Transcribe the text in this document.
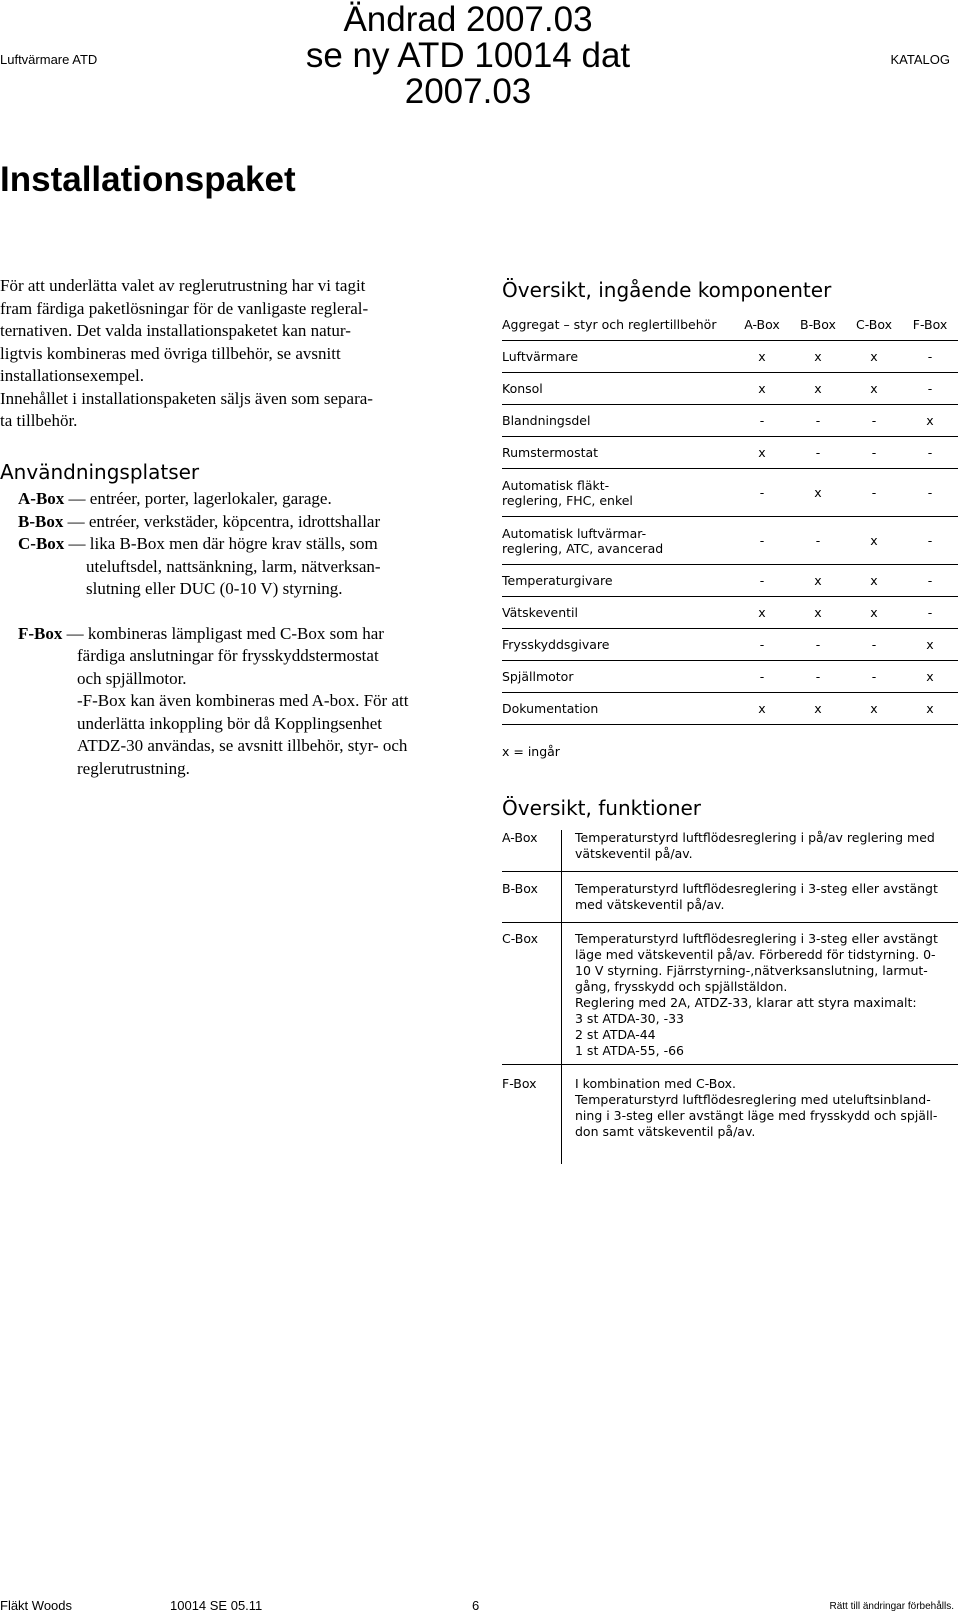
Luftvärmare ATD
Ändrad 2007.03
se ny ATD 10014 dat 2007.03
KATALOG
Installationspaket

För att underlätta valet av reglerutrustning har vi tagit
fram färdiga paketlösningar för de vanligaste regleral-
ternativen. Det valda installationspaketet kan natur-
ligtvis kombineras med övriga tillbehör, se avsnitt
installationsexempel.

Innehållet i installationspaketen säljs även som separa-
ta tillbehör.

Användningsplatser
A-Box — entréer, porter, lagerlokaler, garage.
B-Box — entréer, verkstäder, köpcentra, idrottshallar
C-Box — lika B-Box men där högre krav ställs, som
uteluftsdel, nattsänkning, larm, nätverksan-
slutning eller DUC (0-10 V) styrning.
F-Box — kombineras lämpligast med C-Box som har
färdiga anslutningar för frysskyddstermostat
och spjällmotor.
-F-Box kan även kombineras med A-box. För att
underlätta inkoppling bör då Kopplingsenhet
ATDZ-30 användas, se avsnitt illbehör, styr- och
reglerutrustning.
Översikt, ingående komponenter
Aggregat – styr och reglertillbehör	A-Box	B-Box	C-Box	F-Box
Luftvärmare	x	x	x	-
Konsol	x	x	x	-
Blandningsdel	-	-	-	x
Rumstermostat	x	-	-	-
Automatisk fläkt-
reglering, FHC, enkel	-	x	-	-
Automatisk luftvärmar-
reglering, ATC, avancerad	-	-	x	-
Temperaturgivare	-	x	x	-
Vätskeventil	x	x	x	-
Frysskyddsgivare	-	-	-	x
Spjällmotor	-	-	-	x
Dokumentation	x	x	x	x
x = ingår
Översikt, funktioner
A-Box	Temperaturstyrd luftflödesreglering i på/av reglering med
vätskeventil på/av.
B-Box	Temperaturstyrd luftflödesreglering i 3-steg eller avstängt
med vätskeventil på/av.
C-Box	Temperaturstyrd luftflödesreglering i 3-steg eller avstängt
läge med vätskeventil på/av. Förberedd för tidstyrning. 0-
10 V styrning. Fjärrstyrning-,nätverksanslutning, larmut-
gång, frysskydd och spjällstäldon.
Reglering med 2A, ATDZ-33, klarar att styra maximalt:
3 st ATDA-30, -33
2 st ATDA-44
1 st ATDA-55, -66
F-Box	I kombination med C-Box.
Temperaturstyrd luftflödesreglering med uteluftsinbland-
ning i 3-steg eller avstängt läge med frysskydd och spjäll-
don samt vätskeventil på/av.
Fläkt Woods	10014 SE 05.11	6	Rätt till ändringar förbehålls.
